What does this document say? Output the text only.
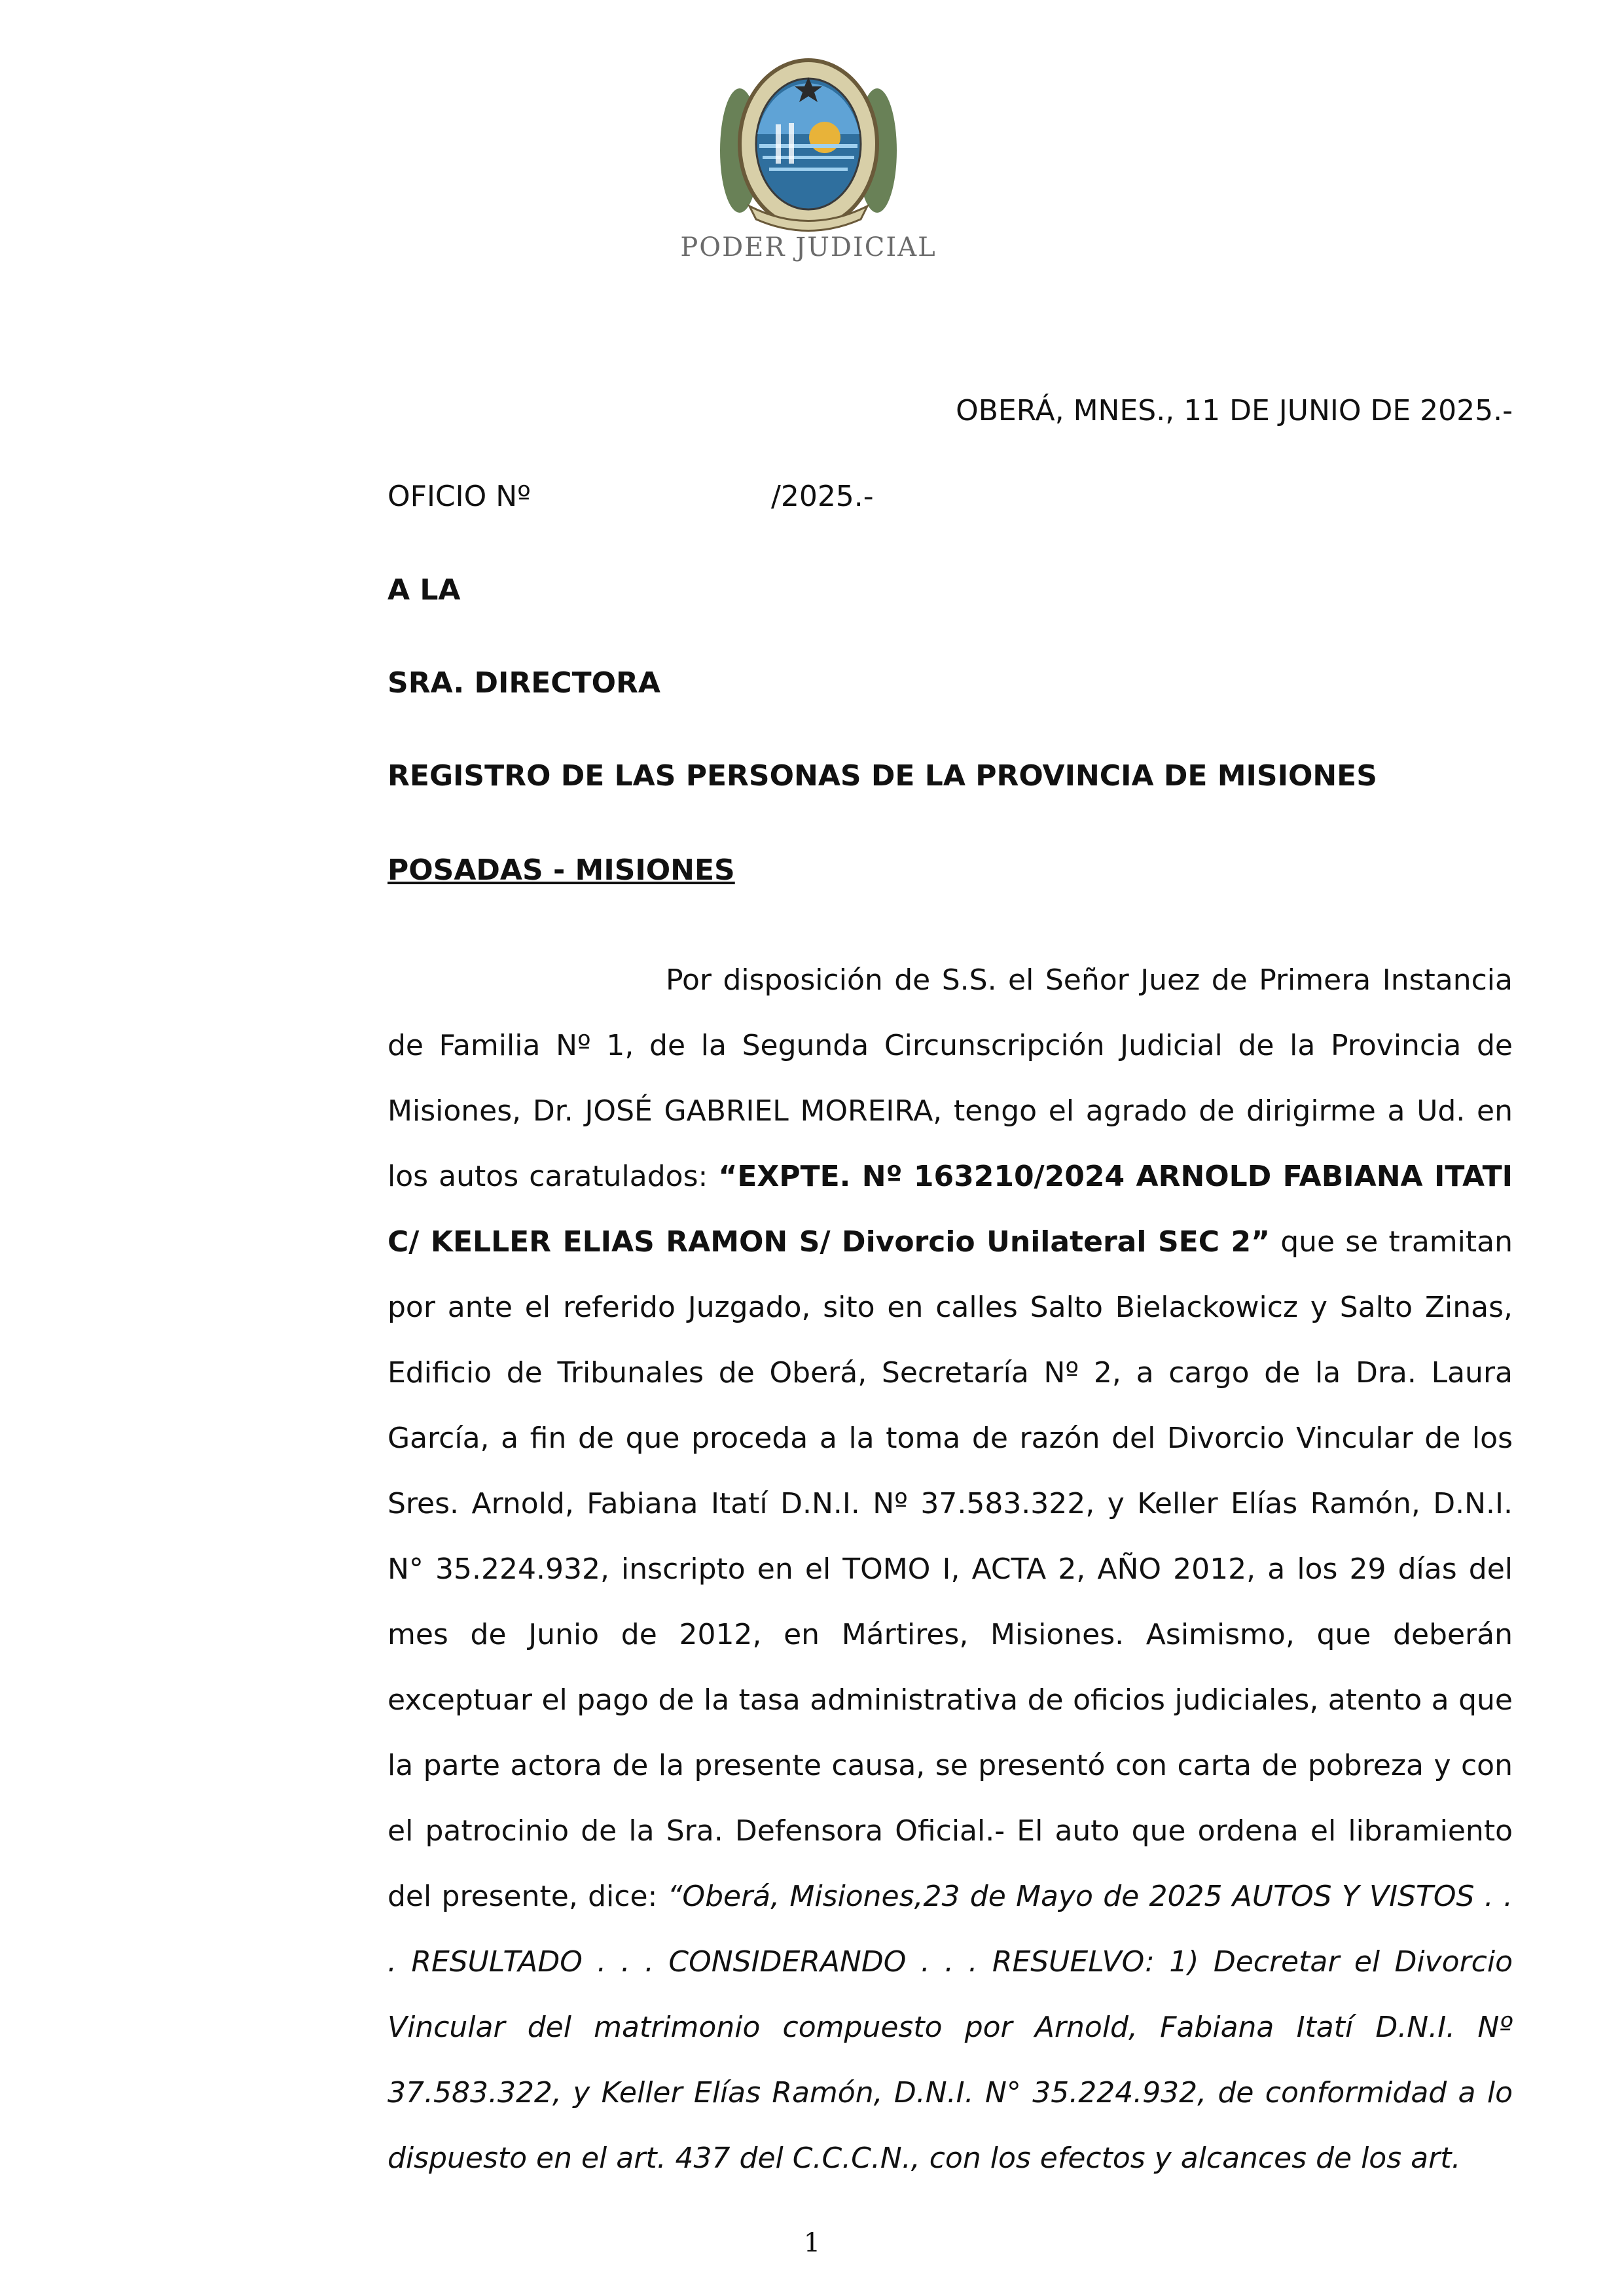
PODER JUDICIAL
OBERÁ, MNES., 11 DE JUNIO DE 2025.-
OFICIO Nº	/2025.-
A LA
SRA. DIRECTORA
REGISTRO DE LAS PERSONAS DE LA PROVINCIA DE MISIONES
POSADAS - MISIONES

Por disposición de S.S. el Señor Juez de Primera Instancia de Familia Nº 1, de la Segunda Circunscripción Judicial de la Provincia de Misiones, Dr. JOSÉ GABRIEL MOREIRA, tengo el agrado de dirigirme a Ud. en los autos caratulados: “EXPTE. Nº 163210/2024 ARNOLD FABIANA ITATI C/ KELLER ELIAS RAMON S/ Divorcio Unilateral SEC 2” que se tramitan por ante el referido Juzgado, sito en calles Salto Bielackowicz y Salto Zinas, Edificio de Tribunales de Oberá, Secretaría Nº 2, a cargo de la Dra. Laura García, a fin de que proceda a la toma de razón del Divorcio Vincular de los Sres. Arnold, Fabiana Itatí D.N.I. Nº 37.583.322, y Keller Elías Ramón, D.N.I. N° 35.224.932, inscripto en el TOMO I, ACTA 2, AÑO 2012, a los 29 días del mes de Junio de 2012, en Mártires, Misiones. Asimismo, que deberán exceptuar el pago de la tasa administrativa de oficios judiciales, atento a que la parte actora de la presente causa, se presentó con carta de pobreza y con el patrocinio de la Sra. Defensora Oficial.- El auto que ordena el libramiento del presente, dice: “Oberá, Misiones,23 de Mayo de 2025 AUTOS Y VISTOS . . . RESULTADO . . . CONSIDERANDO . . . RESUELVO: 1) Decretar el Divorcio Vincular del matrimonio compuesto por Arnold, Fabiana Itatí D.N.I. Nº 37.583.322, y Keller Elías Ramón, D.N.I. N° 35.224.932, de conformidad a lo dispuesto en el art. 437 del C.C.C.N., con los efectos y alcances de los art.

1
